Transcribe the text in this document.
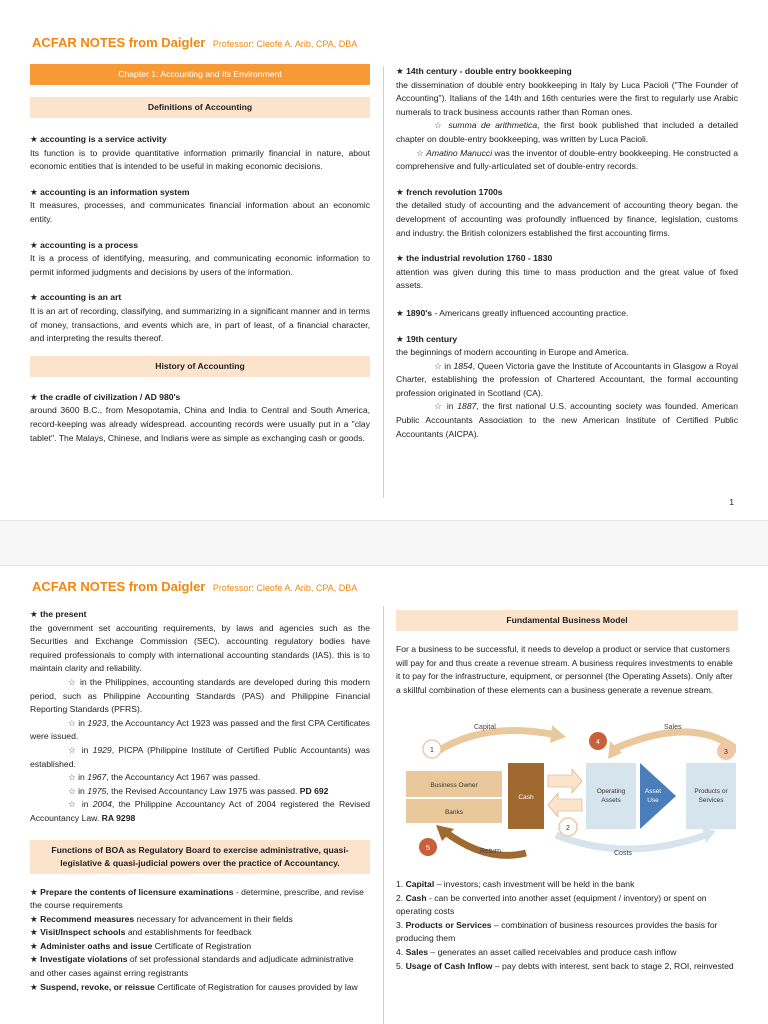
ACFAR NOTES from Daigler Professor: Cleofe A. Arib, CPA, DBA
Chapter 1: Accounting and Its Environment
Definitions of Accounting
★ accounting is a service activity
Its function is to provide quantitative information primarily financial in nature, about economic entities that is intended to be useful in making economic decisions.
★ accounting is an information system
It measures, processes, and communicates financial information about an economic entity.
★ accounting is a process
It is a process of identifying, measuring, and communicating economic information to permit informed judgments and decisions by users of the information.
★ accounting is an art
It is an art of recording, classifying, and summarizing in a significant manner and in terms of money, transactions, and events which are, in part of least, of a financial character, and interpreting the results thereof.
History of Accounting
★ the cradle of civilization / AD 980's
around 3600 B.C., from Mesopotamia, China and India to Central and South America, record-keeping was already widespread. accounting records were usually put in a "clay tablet". The Malays, Chinese, and Indians were as simple as exchanging cash or goods.
★ 14th century - double entry bookkeeping
the dissemination of double entry bookkeeping in Italy by Luca Pacioli ("The Founder of Accounting"). Italians of the 14th and 16th centuries were the first to regularly use Arabic numerals to track business accounts rather than Roman ones.
☆ summa de arithmetica, the first book published that included a detailed chapter on double-entry bookkeeping, was written by Luca Pacioli.
☆ Amatino Manucci was the inventor of double-entry bookkeeping. He constructed a comprehensive and fully-articulated set of double-entry records.
★ french revolution 1700s
the detailed study of accounting and the advancement of accounting theory began. the development of accounting was profoundly influenced by finance, legislation, customs and industry. the British colonizers established the first accounting firms.
★ the industrial revolution 1760 - 1830
attention was given during this time to mass production and the great value of fixed assets.
★ 1890's - Americans greatly influenced accounting practice.
★ 19th century
the beginnings of modern accounting in Europe and America.
☆ in 1854, Queen Victoria gave the Institute of Accountants in Glasgow a Royal Charter, establishing the profession of Chartered Accountant, the formal accounting profession originated in Scotland (CA).
☆ in 1887, the first national U.S. accounting society was founded. American Public Accountants Association to the new American Institute of Certified Public Accountants (AICPA).
1
ACFAR NOTES from Daigler Professor: Cleofe A. Arib, CPA, DBA
★ the present
the government set accounting requirements, by laws and agencies such as the Securities and Exchange Commission (SEC). accounting regulatory bodies have required professionals to comply with international accounting standards (IAS). this is to maintain clarity and reliability.
☆ in the Philippines, accounting standards are developed during this modern period, such as Philippine Accounting Standards (PAS) and Philippine Financial Reporting Standards (PFRS).
☆ in 1923, the Accountancy Act 1923 was passed and the first CPA Certificates were issued.
☆ in 1929, PICPA (Philippine Institute of Certified Public Accountants) was established.
☆ in 1967, the Accountancy Act 1967 was passed.
☆ in 1975, the Revised Accountancy Law 1975 was passed. PD 692
☆ in 2004, the Philippine Accountancy Act of 2004 registered the Revised Accountancy Law. RA 9298
Functions of BOA as Regulatory Board to exercise administrative, quasi-legislative & quasi-judicial powers over the practice of Accountancy.
★ Prepare the contents of licensure examinations - determine, prescribe, and revise the course requirements
★ Recommend measures necessary for advancement in their fields
★ Visit/Inspect schools and establishments for feedback
★ Administer oaths and issue Certificate of Registration
★ Investigate violations of set professional standards and adjudicate administrative and other cases against erring registrants
★ Suspend, revoke, or reissue Certificate of Registration for causes provided by law
Fundamental Business Model
For a business to be successful, it needs to develop a product or service that customers will pay for and thus create a revenue stream. A business requires investments to enable it to pay for the infrastructure, equipment, or personnel (the Operating Assets). Only after a skillful combination of these elements can a business generate a revenue stream.
Capital	Sales
Business Owner
Banks
Cash
Operating
Assets
Asset
Use
Products or
Services
Return	Costs
1
2
3
4
5
1. Capital – investors; cash investment will be held in the bank
2. Cash - can be converted into another asset (equipment / inventory) or spent on operating costs
3. Products or Services – combination of business resources provides the basis for producing them
4. Sales – generates an asset called receivables and produce cash inflow
5. Usage of Cash Inflow – pay debts with interest, sent back to stage 2, ROI, reinvested
